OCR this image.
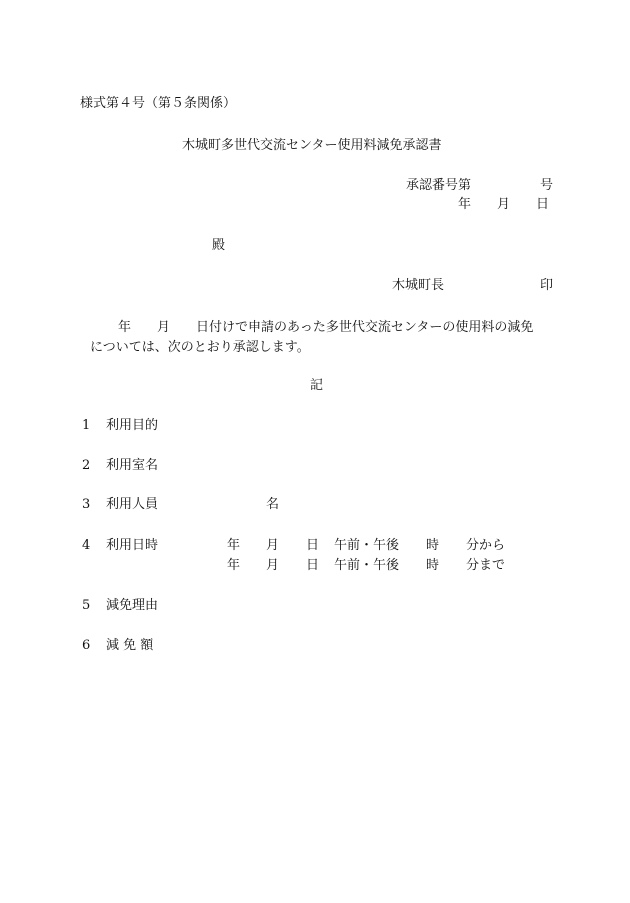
様式第４号（第５条関係）
木城町多世代交流センター使用料減免承認書
承認番号第	号
年　　月　　日
殿
木城町長	印
年　　月　　日付けで申請のあった多世代交流センターの使用料の減免
については、次のとおり承認します。
記
1 利用目的
2 利用室名
3 利用人員	名
4 利用日時	年 月 日 午前・午後 時 分から
年 月 日 午前・午後 時 分まで
5 減免理由
6 減 免 額
